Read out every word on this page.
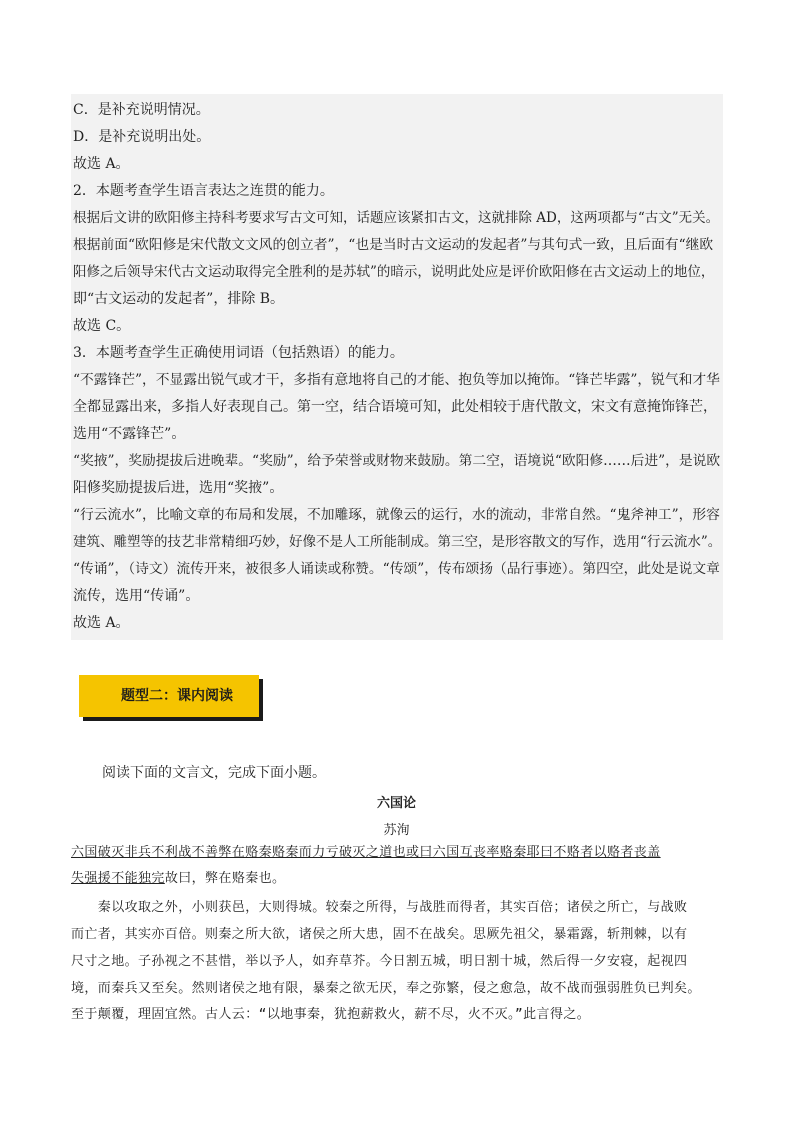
C．是补充说明情况。
D．是补充说明出处。
故选 A。
2．本题考查学生语言表达之连贯的能力。
根据后文讲的欧阳修主持科考要求写古文可知，话题应该紧扣古文，这就排除 AD，这两项都与“古文”无关。
根据前面“欧阳修是宋代散文文风的创立者”，“也是当时古文运动的发起者”与其句式一致，且后面有“继欧
阳修之后领导宋代古文运动取得完全胜利的是苏轼”的暗示，说明此处应是评价欧阳修在古文运动上的地位，
即“古文运动的发起者”，排除 B。
故选 C。
3．本题考查学生正确使用词语（包括熟语）的能力。
“不露锋芒”，不显露出锐气或才干，多指有意地将自己的才能、抱负等加以掩饰。“锋芒毕露”，锐气和才华
全都显露出来，多指人好表现自己。第一空，结合语境可知，此处相较于唐代散文，宋文有意掩饰锋芒，
选用“不露锋芒”。
“奖掖”，奖励提拔后进晚辈。“奖励”，给予荣誉或财物来鼓励。第二空，语境说“欧阳修……后进”，是说欧
阳修奖励提拔后进，选用“奖掖”。
“行云流水”，比喻文章的布局和发展，不加雕琢，就像云的运行，水的流动，非常自然。“鬼斧神工”，形容
建筑、雕塑等的技艺非常精细巧妙，好像不是人工所能制成。第三空，是形容散文的写作，选用“行云流水”。
“传诵”，（诗文）流传开来，被很多人诵读或称赞。“传颂”，传布颂扬（品行事迹）。第四空，此处是说文章
流传，选用“传诵”。
故选 A。
题型二：课内阅读
阅读下面的文言文，完成下面小题。
六国论
苏洵
六国破灭非兵不利战不善弊在赂秦赂秦而力亏破灭之道也或曰六国互丧率赂秦耶曰不赂者以赂者丧盖
失强援不能独完故曰，弊在赂秦也。
　　秦以攻取之外，小则获邑，大则得城。较秦之所得，与战胜而得者，其实百倍；诸侯之所亡，与战败
而亡者，其实亦百倍。则秦之所大欲，诸侯之所大患，固不在战矣。思厥先祖父，暴霜露，斩荆棘，以有
尺寸之地。子孙视之不甚惜，举以予人，如弃草芥。今日割五城，明日割十城，然后得一夕安寝，起视四
境，而秦兵又至矣。然则诸侯之地有限，暴秦之欲无厌，奉之弥繁，侵之愈急，故不战而强弱胜负已判矣。
至于颠覆，理固宜然。古人云：“以地事秦，犹抱薪救火，薪不尽，火不灭。”此言得之。
